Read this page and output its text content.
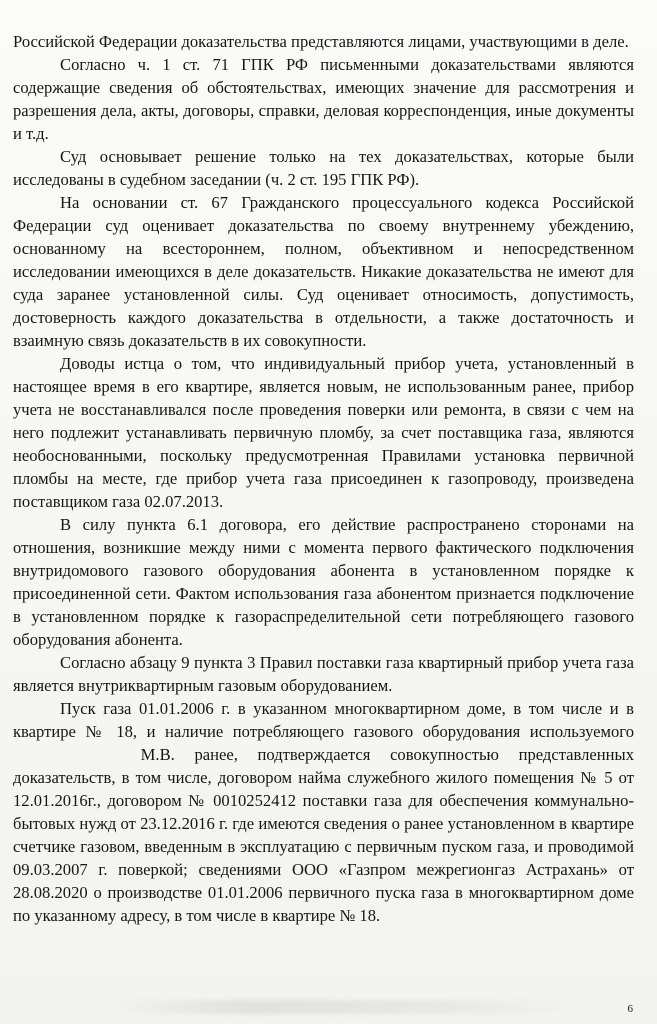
Российской Федерации доказательства представляются лицами, участвующими в деле.

Согласно ч. 1 ст. 71 ГПК РФ письменными доказательствами являются содержащие сведения об обстоятельствах, имеющих значение для рассмотрения и разрешения дела, акты, договоры, справки, деловая корреспонденция, иные документы и т.д.

Суд основывает решение только на тех доказательствах, которые были исследованы в судебном заседании (ч. 2 ст. 195 ГПК РФ).

На основании ст. 67 Гражданского процессуального кодекса Российской Федерации суд оценивает доказательства по своему внутреннему убеждению, основанному на всестороннем, полном, объективном и непосредственном исследовании имеющихся в деле доказательств. Никакие доказательства не имеют для суда заранее установленной силы. Суд оценивает относимость, допустимость, достоверность каждого доказательства в отдельности, а также достаточность и взаимную связь доказательств в их совокупности.

Доводы истца о том, что индивидуальный прибор учета, установленный в настоящее время в его квартире, является новым, не использованным ранее, прибор учета не восстанавливался после проведения поверки или ремонта, в связи с чем на него подлежит устанавливать первичную пломбу, за счет поставщика газа, являются необоснованными, поскольку предусмотренная Правилами установка первичной пломбы на месте, где прибор учета газа присоединен к газопроводу, произведена поставщиком газа 02.07.2013.

В силу пункта 6.1 договора, его действие распространено сторонами на отношения, возникшие между ними с момента первого фактического подключения внутридомового газового оборудования абонента в установленном порядке к присоединенной сети. Фактом использования газа абонентом признается подключение в установленном порядке к газораспределительной сети потребляющего газового оборудования абонента.

Согласно абзацу 9 пункта 3 Правил поставки газа квартирный прибор учета газа является внутриквартирным газовым оборудованием.

Пуск газа 01.01.2006 г. в указанном многоквартирном доме, в том числе и в квартире № 18, и наличие потребляющего газового оборудования используемого  М.В. ранее, подтверждается совокупностью представленных доказательств, в том числе, договором найма служебного жилого помещения № 5 от 12.01.2016г., договором № 0010252412 поставки газа для обеспечения коммунально-бытовых нужд от 23.12.2016 г. где имеются сведения о ранее установленном в квартире счетчике газовом, введенным в эксплуатацию с первичным пуском газа, и проводимой 09.03.2007 г. поверкой; сведениями ООО «Газпром межрегионгаз Астрахань» от 28.08.2020 о производстве 01.01.2006 первичного пуска газа в многоквартирном доме по указанному адресу, в том числе в квартире № 18.

6
